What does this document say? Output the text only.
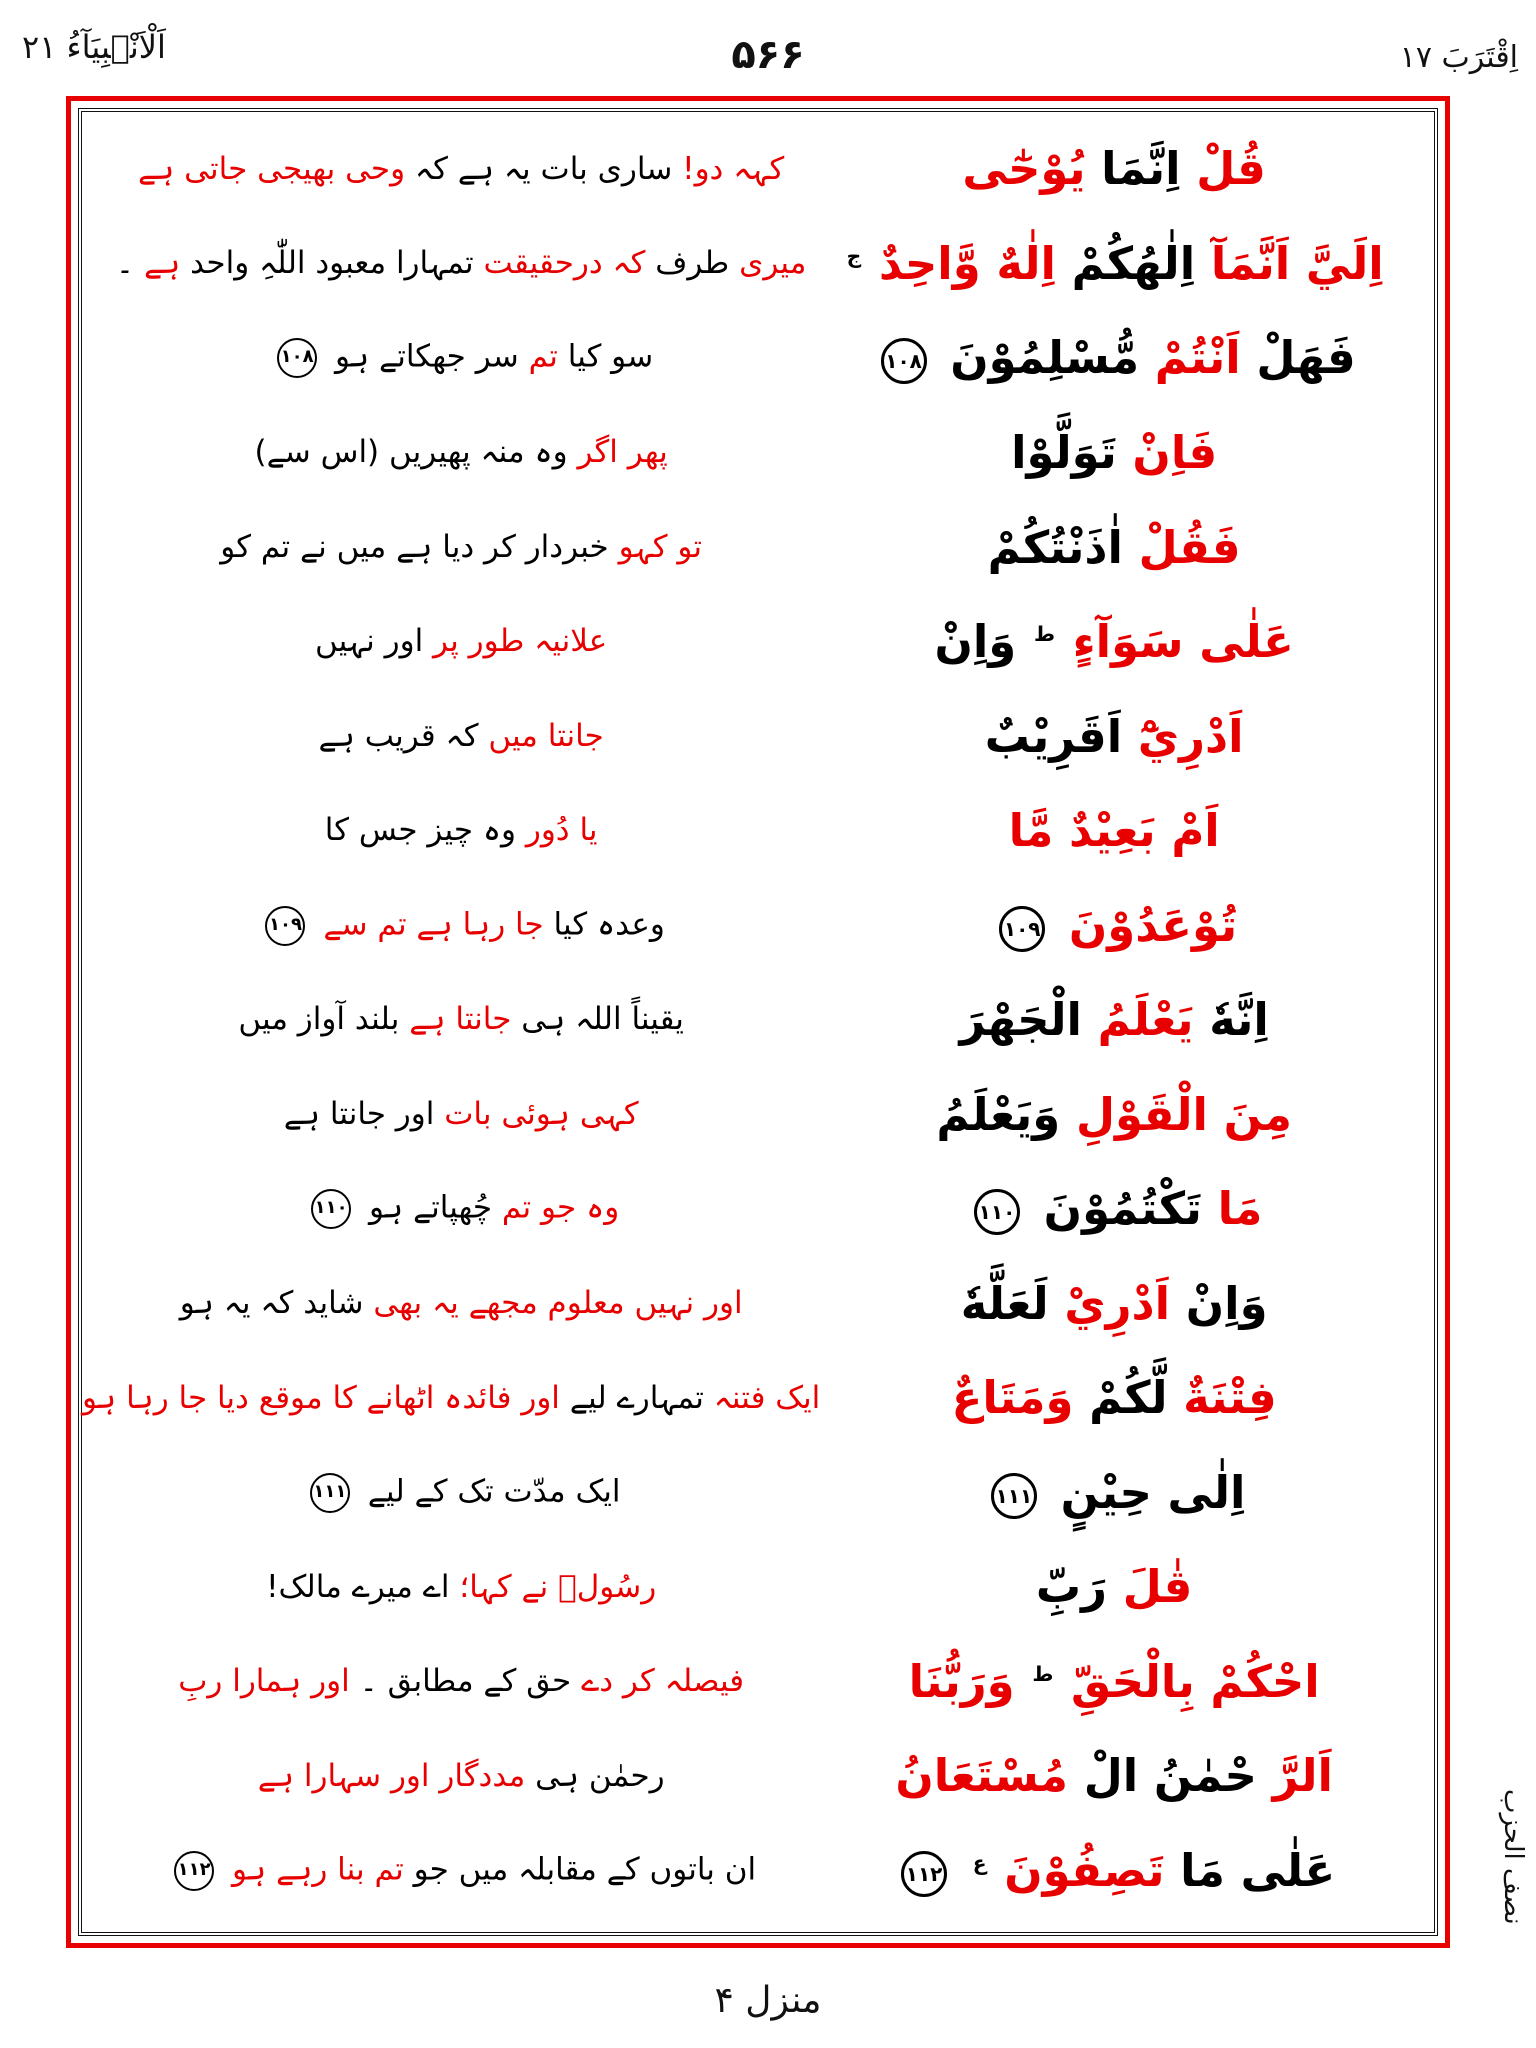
اِقْتَرَبَ ۱۷
۵۶۶
اَلْاَنْۢبِيَآءُ ۲۱
قُلْ اِنَّمَا يُوْحٰٓى
کہہ دو! ساری بات یہ ہے کہ وحی بھیجی جاتی ہے
اِلَيَّ اَنَّمَآ اِلٰهُكُمْ اِلٰهٌ وَّاحِدٌ $^ج$
میری طرف کہ درحقیقت تمہارا معبود اللّٰہِ واحد ہے ۔
فَهَلْ اَنْتُمْ مُّسْلِمُوْنَ ١٠٨
سو کیا تم سر جھکاتے ہو ١٠٨
فَاِنْ تَوَلَّوْا
پھر اگر وہ منہ پھیریں (اس سے)
فَقُلْ اٰذَنْتُكُمْ
تو کہو خبردار کر دیا ہے میں نے تم کو
عَلٰى سَوَآءٍ $^ط$ وَاِنْ
علانیہ طور پر اور نہیں
اَدْرِيْٓ اَقَرِيْبٌ
جانتا میں کہ قریب ہے
اَمْ بَعِيْدٌ مَّا
یا دُور وہ چیز جس کا
تُوْعَدُوْنَ ١٠٩
وعدہ کیا جا رہا ہے تم سے ١٠٩
اِنَّهٗ يَعْلَمُ الْجَهْرَ
یقیناً اللہ ہی جانتا ہے بلند آواز میں
مِنَ الْقَوْلِ وَيَعْلَمُ
کہی ہوئی بات اور جانتا ہے
مَا تَكْتُمُوْنَ ١١٠
وہ جو تم چُھپاتے ہو ١١٠
وَاِنْ اَدْرِيْ لَعَلَّهٗ
اور نہیں معلوم مجھے یہ بھی شاید کہ یہ ہو
فِتْنَةٌ لَّكُمْ وَمَتَاعٌ
ایک فتنہ تمہارے لیے اور فائدہ اٹھانے کا موقع دیا جا رہا ہو
اِلٰى حِيْنٍ ١١١
ایک مدّت تک کے لیے ١١١
قٰلَ رَبِّ
رسُولؐ نے کہا؛ اے میرے مالک!
احْكُمْ بِالْحَقِّ $^ط$ وَرَبُّنَا
فیصلہ کر دے حق کے مطابق ۔ اور ہمارا ربِ
اَلرَّ حْمٰنُ الْ مُسْتَعَانُ
رحمٰن ہی مددگار اور سہارا ہے
عَلٰى مَا تَصِفُوْنَ $^ع$ ١١٢
ان باتوں کے مقابلہ میں جو تم بنا رہے ہو ١١٢	نصف الحزب
منزل ۴
